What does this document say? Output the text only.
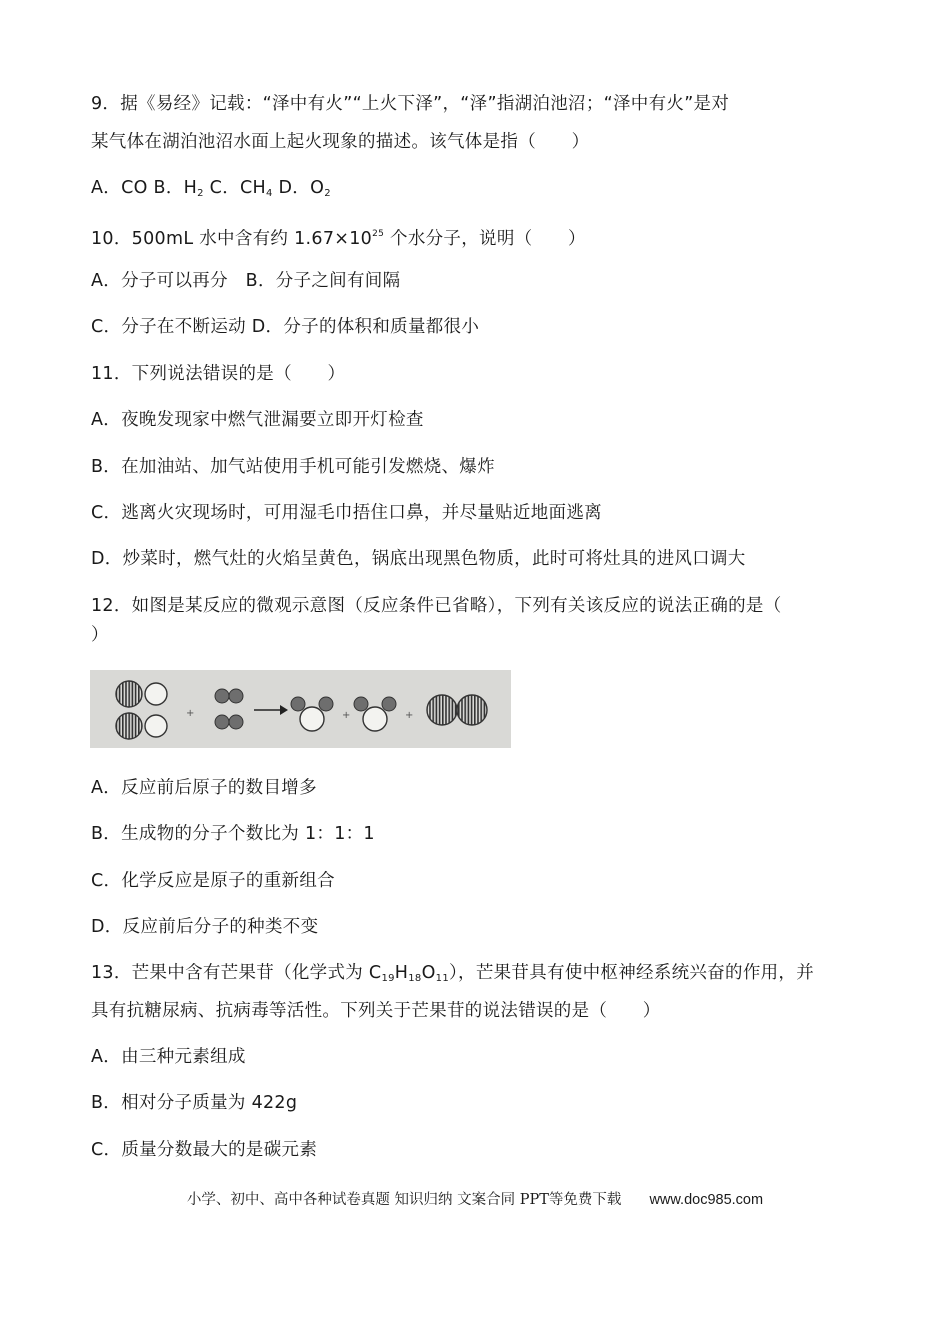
9．据《易经》记载：“泽中有火”“上火下泽”，“泽”指湖泊池沼；“泽中有火”是对
某气体在湖泊池沼水面上起火现象的描述。该气体是指（　　）
A．CO B．$H_2$ C．$CH_4$ D．$O_2$
10．500mL 水中含有约 $1.67\times 10^{25}$ 个水分子，说明（　　）
A．分子可以再分　B．分子之间有间隔
C．分子在不断运动 D．分子的体积和质量都很小
11．下列说法错误的是（　　）
A．夜晚发现家中燃气泄漏要立即开灯检查
B．在加油站、加气站使用手机可能引发燃烧、爆炸
C．逃离火灾现场时，可用湿毛巾捂住口鼻，并尽量贴近地面逃离
D．炒菜时，燃气灶的火焰呈黄色，锅底出现黑色物质，此时可将灶具的进风口调大
12．如图是某反应的微观示意图（反应条件已省略），下列有关该反应的说法正确的是（
）
+	+	+
A．反应前后原子的数目增多
B．生成物的分子个数比为 1：1：1
C．化学反应是原子的重新组合
D．反应前后分子的种类不变
13．芒果中含有芒果苷（化学式为 $C_{19}H_{18}O_{11}$），芒果苷具有使中枢神经系统兴奋的作用，并
具有抗糖尿病、抗病毒等活性。下列关于芒果苷的说法错误的是（　　）
A．由三种元素组成
B．相对分子质量为 422g
C．质量分数最大的是碳元素
小学、初中、高中各种试卷真题 知识归纳 文案合同 PPT等免费下载 www.doc985.com
